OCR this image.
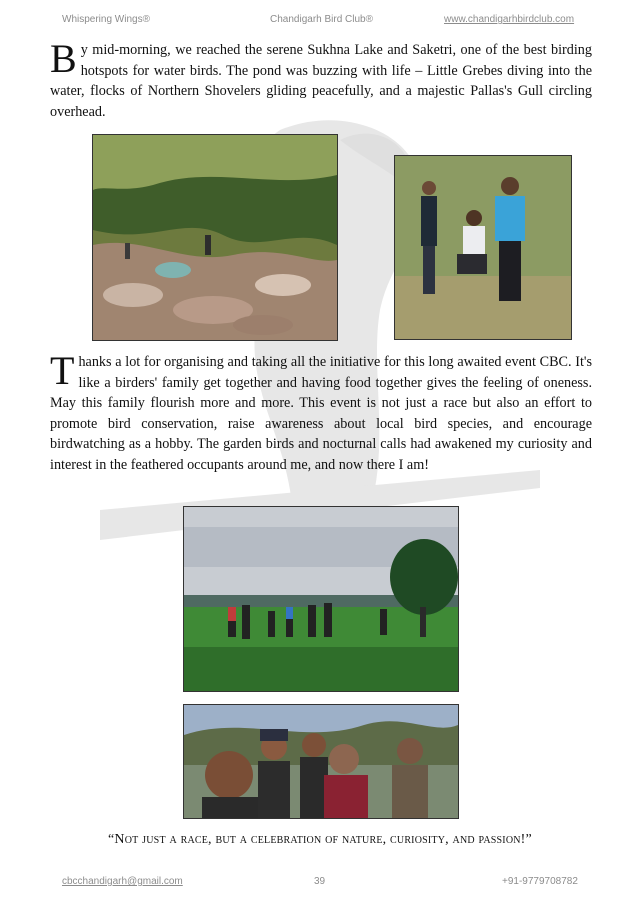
Whispering Wings®	Chandigarh Bird Club®	www.chandigarhbirdclub.com

By mid-morning, we reached the serene Sukhna Lake and Saketri, one of the best birding hotspots for water birds. The pond was buzzing with life – Little Grebes diving into the water, flocks of Northern Shovelers gliding peacefully, and a majestic Pallas's Gull circling overhead.

Thanks a lot for organising and taking all the initiative for this long awaited event CBC. It's like a birders' family get together and having food together gives the feeling of oneness. May this family flourish more and more. This event is not just a race but also an effort to promote bird conservation, raise awareness about local bird species, and encourage birdwatching as a hobby. The garden birds and nocturnal calls had awakened my curiosity and interest in the feathered occupants around me, and now there I am!

“Not just a race, but a celebration of nature, curiosity, and passion!”
cbcchandigarh@gmail.com	39	+91-9779708782
